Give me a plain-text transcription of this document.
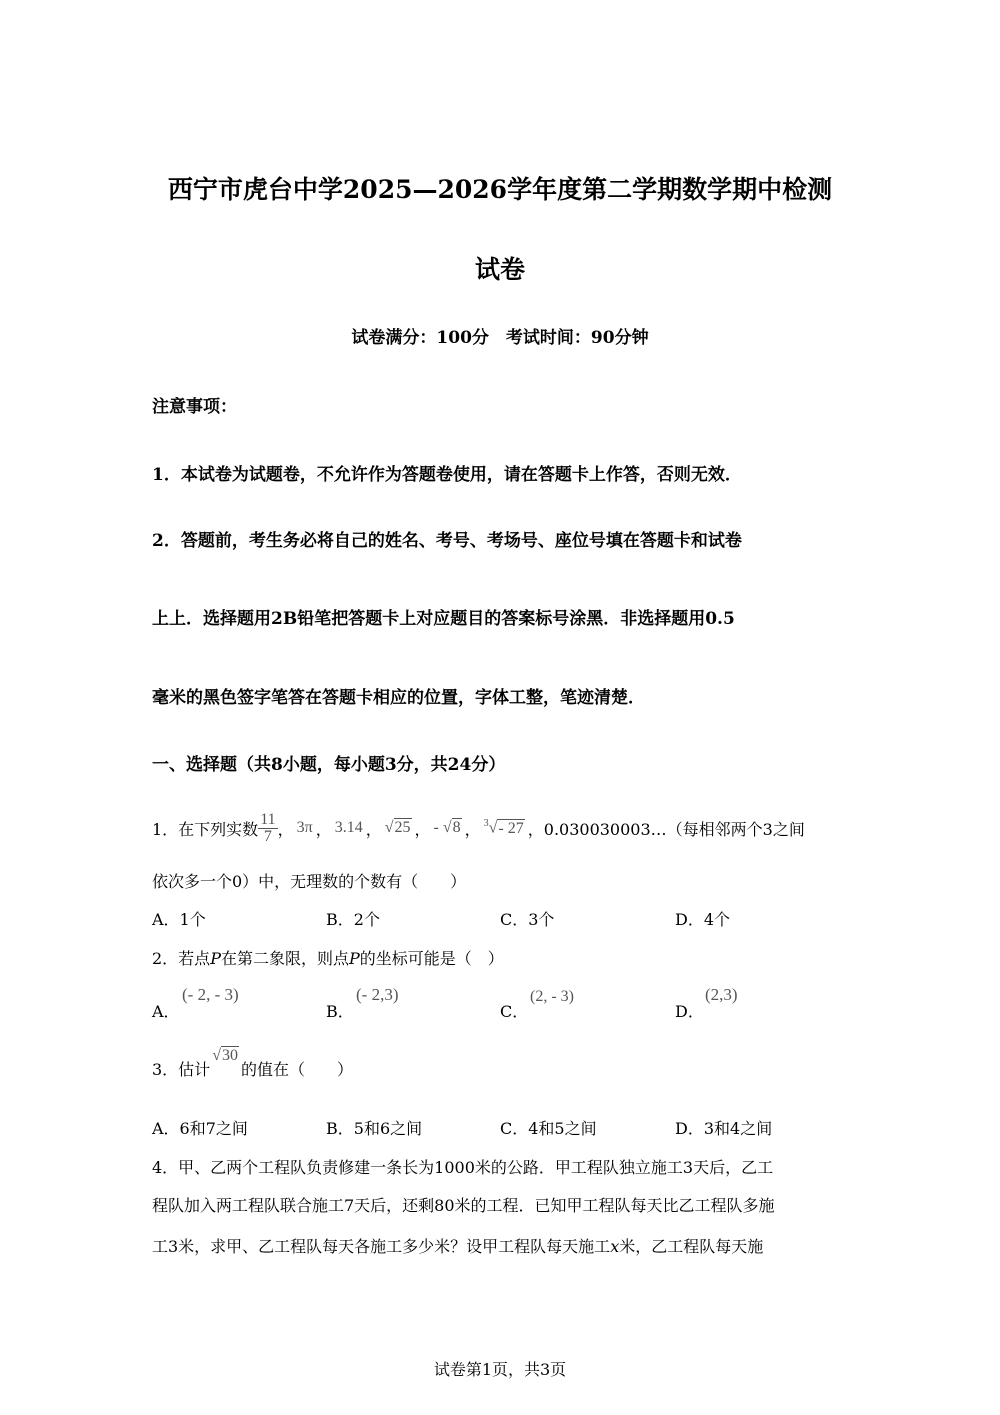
西宁市虎台中学2025—2026学年度第二学期数学期中检测
试卷
试卷满分：100分　考试时间：90分钟
注意事项：
1．本试卷为试题卷，不允许作为答题卷使用，请在答题卡上作答，否则无效．
2．答题前，考生务必将自己的姓名、考号、考场号、座位号填在答题卡和试卷
上上．选择题用2B铅笔把答题卡上对应题目的答案标号涂黑．非选择题用0.5
毫米的黑色签字笔答在答题卡相应的位置，字体工整，笔迹清楚．
一、选择题（共8小题，每小题3分，共24分）
1．在下列实数 $\frac{11}{7}$ ， 3π ， 3.14 ， √25 ， - √8 ， $^3$√- 27 ， 0.030030003…（每相邻两个3之间
依次多一个0）中，无理数的个数有（　　）
A．1个	B．2个	C．3个	D．4个
2．若点P在第二象限，则点P的坐标可能是（　）
A．
(- 2, - 3)
B．
(- 2,3)
C．
(2, - 3)
D．
(2,3)
3．估计
√30
的值在（　　）
A．6和7之间	B．5和6之间	C．4和5之间	D．3和4之间
4．甲、乙两个工程队负责修建一条长为1000米的公路．甲工程队独立施工3天后，乙工
程队加入两工程队联合施工7天后，还剩80米的工程．已知甲工程队每天比乙工程队多施
工3米，求甲、乙工程队每天各施工多少米？设甲工程队每天施工x米，乙工程队每天施
试卷第1页，共3页
